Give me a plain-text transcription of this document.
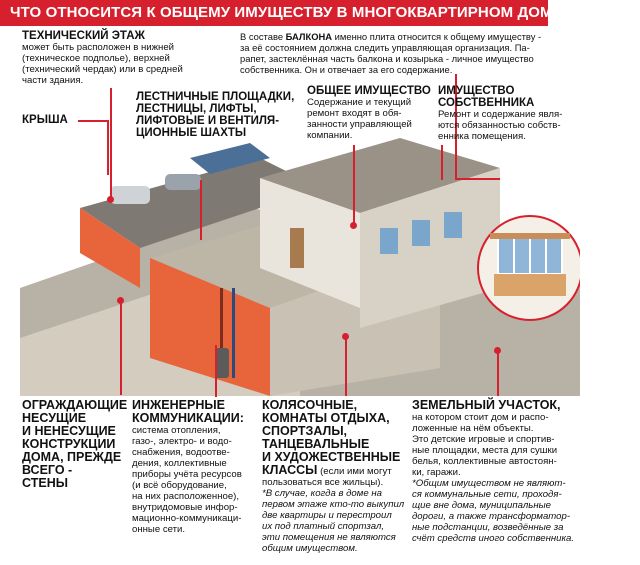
ЧТО ОТНОСИТСЯ К ОБЩЕМУ ИМУЩЕСТВУ В МНОГОКВАРТИРНОМ ДОМЕ?
ТЕХНИЧЕСКИЙ ЭТАЖ
может быть расположен в нижней
(техническое подполье), верхней
(технический чердак) или в средней
части здания.
В составе БАЛКОНА именно плита относится к общему имуществу -
за её состоянием должна следить управляющая организация. Па-
рапет, застеклённая часть балкона и козырька - личное имущество
собственника. Он и отвечает за его содержание.
КРЫША
ЛЕСТНИЧНЫЕ ПЛОЩАДКИ,
ЛЕСТНИЦЫ, ЛИФТЫ,
ЛИФТОВЫЕ И ВЕНТИЛЯ-
ЦИОННЫЕ ШАХТЫ
ОБЩЕЕ ИМУЩЕСТВО
Содержание и текущий
ремонт входят в обя-
занности управляющей
компании.
ИМУЩЕСТВО
СОБСТВЕННИКА
Ремонт и содержание явля-
ются обязанностью собств-
енника помещения.
ОГРАЖДАЮЩИЕ
НЕСУЩИЕ
И НЕНЕСУЩИЕ
КОНСТРУКЦИИ
ДОМА, ПРЕЖДЕ
ВСЕГО -
СТЕНЫ
ИНЖЕНЕРНЫЕ
КОММУНИКАЦИИ:
система отопления,
газо-, электро- и водо-
снабжения, водоотве-
дения, коллективные
приборы учёта ресурсов
(и всё оборудование,
на них расположенное),
внутридомовые инфор-
мационно-коммуникаци-
онные сети.
КОЛЯСОЧНЫЕ,
КОМНАТЫ ОТДЫХА,
СПОРТЗАЛЫ,
ТАНЦЕВАЛЬНЫЕ
И ХУДОЖЕСТВЕННЫЕ
КЛАССЫ (если ими могут
пользоваться все жильцы).
*В случае, когда в доме на
первом этаже кто-то выкупил
две квартиры и перестроил
их под платный спортзал,
эти помещения не являются
общим имуществом.
ЗЕМЕЛЬНЫЙ УЧАСТОК,
на котором стоит дом и распо-
ложенные на нём объекты.
Это детские игровые и спортив-
ные площадки, места для сушки
белья, коллективные автостоян-
ки, гаражи.
*Общим имуществом не являют-
ся коммунальные сети, проходя-
щие вне дома, муниципальные
дороги, а также трансформатор-
ные подстанции, возведённые за
счёт средств иного собственника.
